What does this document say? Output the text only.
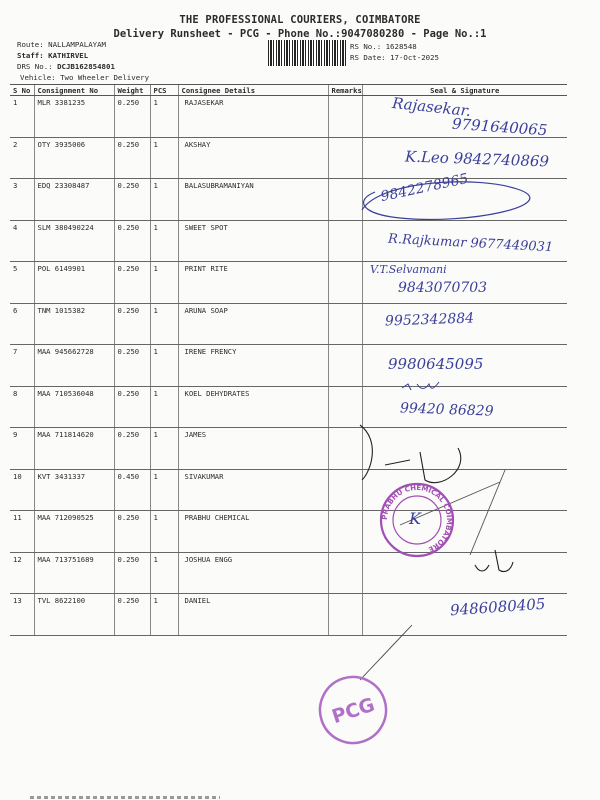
THE PROFESSIONAL COURIERS, COIMBATORE
Delivery Runsheet - PCG - Phone No.:9047080280 - Page No.:1
Route: NALLAMPALAYAM
Staff: KATHIRVEL
DRS No.: DCJB162854801
Vehicle: Two Wheeler Delivery
RS No.: 1628548
RS Date: 17-Oct-2025
S No	Consignment No	Weight	PCS	Consignee Details	Remarks	Seal & Signature
1	MLR 3381235	0.250	1	RAJASEKAR		
2	OTY 3935006	0.250	1	AKSHAY		
3	EDQ 23308487	0.250	1	BALASUBRAMANIYAN		
4	SLM 380490224	0.250	1	SWEET SPOT		
5	POL 6149901	0.250	1	PRINT RITE		
6	TNM 1015382	0.250	1	ARUNA SOAP		
7	MAA 945662728	0.250	1	IRENE FRENCY		
8	MAA 710536048	0.250	1	KOEL DEHYDRATES		
9	MAA 711814620	0.250	1	JAMES		
10	KVT 3431337	0.450	1	SIVAKUMAR		
11	MAA 712090525	0.250	1	PRABHU CHEMICAL		
12	MAA 713751689	0.250	1	JOSHUA ENGG		
13	TVL 8622100	0.250	1	DANIEL		
PRABHU CHEMICAL COIMBATORE
K
PCG
Rajasekar.
9791640065
K.Leo 9842740869
9842278965
R.Rajkumar 9677449031
V.T.Selvamani
9843070703
9952342884
9980645095
99420 86829
9486080405
